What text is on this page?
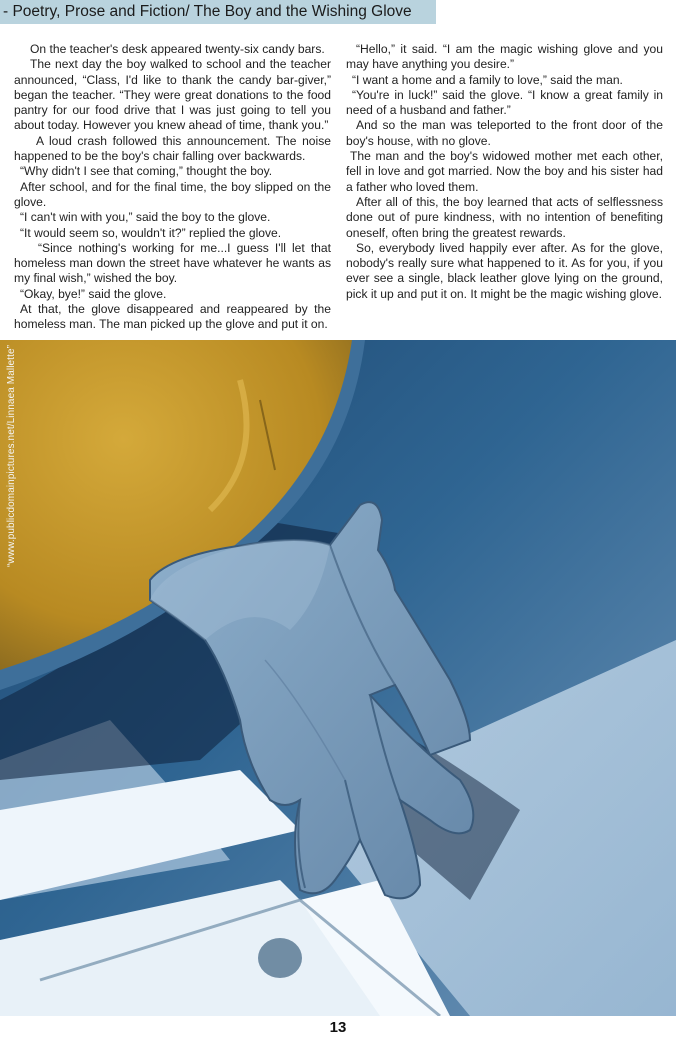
- Poetry, Prose and Fiction/ The Boy and the Wishing Glove

On the teacher's desk appeared twenty-six candy bars.

The next day the boy walked to school and the teacher announced, “Class, I'd like to thank the candy bar-giver,” began the teacher. “They were great donations to the food pantry for our food drive that I was just going to tell you about today. However you knew ahead of time, thank you.”

A loud crash followed this announcement. The noise happened to be the boy's chair falling over backwards.

“Why didn't I see that coming,” thought the boy.

After school, and for the final time, the boy slipped on the glove.

“I can't win with you,” said the boy to the glove.

“It would seem so, wouldn't it?” replied the glove.

“Since nothing's working for me...I guess I'll let that homeless man down the street have whatever he wants as my final wish,” wished the boy.

“Okay, bye!” said the glove.

At that, the glove disappeared and reappeared by the homeless man. The man picked up the glove and put it on.

“Hello,” it said. “I am the magic wishing glove and you may have anything you desire.”

“I want a home and a family to love,” said the man.

“You're in luck!” said the glove. “I know a great family in need of a husband and father.”

And so the man was teleported to the front door of the boy's house, with no glove.

The man and the boy's widowed mother met each other, fell in love and got married. Now the boy and his sister had a father who loved them.

After all of this, the boy learned that acts of selflessness done out of pure kindness, with no intention of benefiting oneself, often bring the greatest rewards.

So, everybody lived happily ever after. As for the glove, nobody's really sure what happened to it. As for you, if you ever see a single, black leather glove lying on the ground, pick it up and put it on. It might be the magic wishing glove.

“www.publicdomainpictures.net/Linnaea Mallette”
13
